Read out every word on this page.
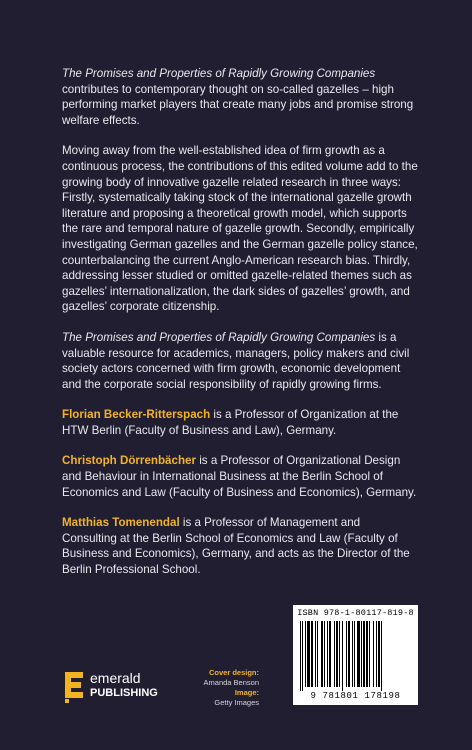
The Promises and Properties of Rapidly Growing Companies contributes to contemporary thought on so-called gazelles – high performing market players that create many jobs and promise strong welfare effects.

Moving away from the well-established idea of firm growth as a continuous process, the contributions of this edited volume add to the growing body of innovative gazelle related research in three ways: Firstly, systematically taking stock of the international gazelle growth literature and proposing a theoretical growth model, which supports the rare and temporal nature of gazelle growth. Secondly, empirically investigating German gazelles and the German gazelle policy stance, counterbalancing the current Anglo-American research bias. Thirdly, addressing lesser studied or omitted gazelle-related themes such as gazelles’ internationalization, the dark sides of gazelles’ growth, and gazelles’ corporate citizenship.

The Promises and Properties of Rapidly Growing Companies is a valuable resource for academics, managers, policy makers and civil society actors concerned with firm growth, economic development and the corporate social responsibility of rapidly growing firms.

Florian Becker-Ritterspach is a Professor of Organization at the HTW Berlin (Faculty of Business and Law), Germany.

Christoph Dörrenbächer is a Professor of Organizational Design and Behaviour in International Business at the Berlin School of Economics and Law (Faculty of Business and Economics), Germany.

Matthias Tomenendal is a Professor of Management and Consulting at the Berlin School of Economics and Law (Faculty of Business and Economics), Germany, and acts as the Director of the Berlin Professional School.

ISBN 978-1-80117-819-8
9 781801 178198
emerald
PUBLISHING
Cover design:
Amanda Benson
Image:
Getty Images
